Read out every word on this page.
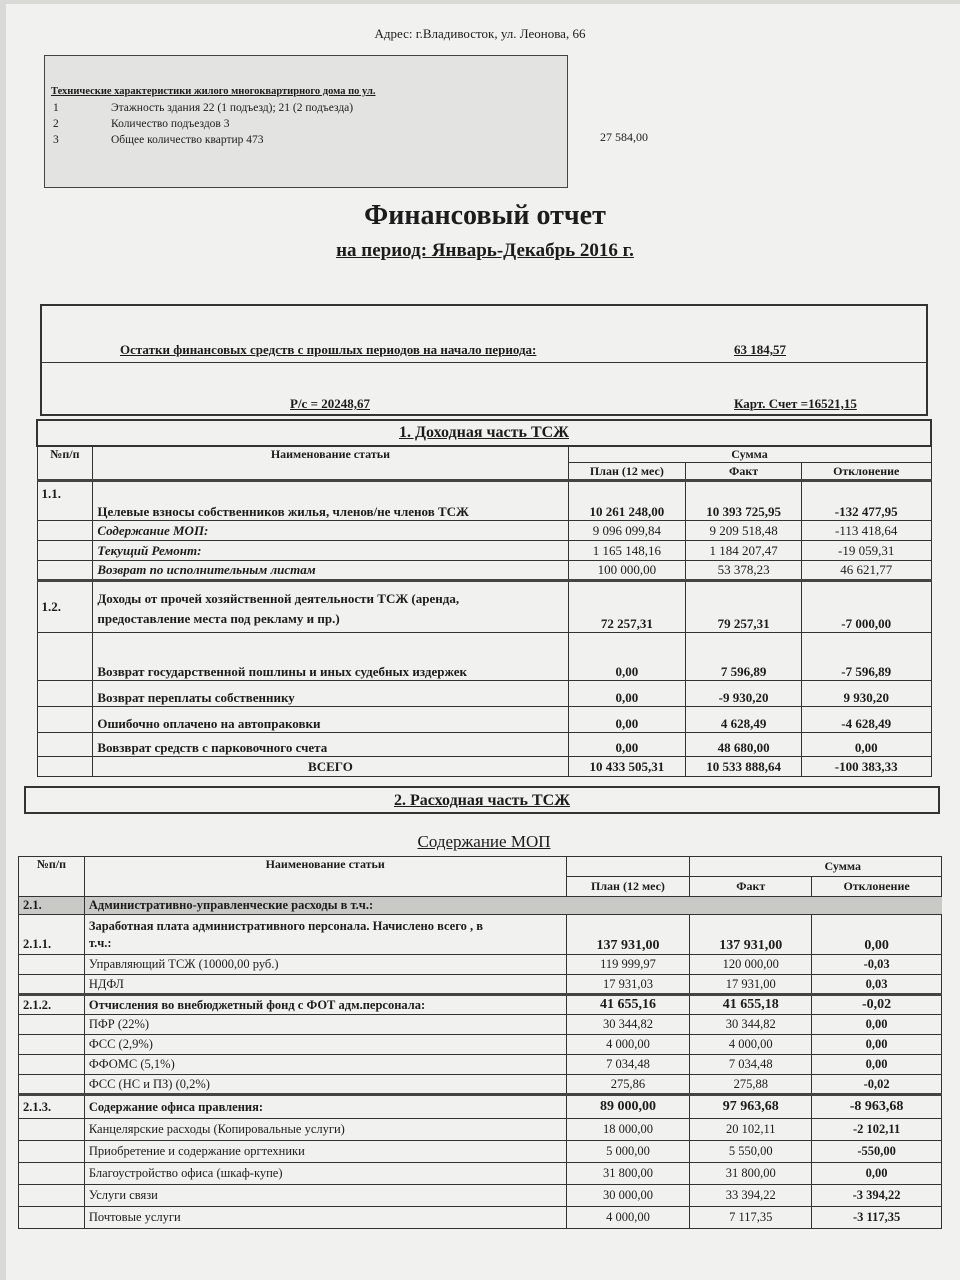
Адрес: г.Владивосток, ул. Леонова, 66
Технические характеристики жилого многоквартирного дома по ул.
1	Этажность здания 22 (1 подъезд); 21 (2 подъезда)
2	Количество подъездов 3
3	Общее количество квартир 473	27 584,00
Финансовый отчет
на период: Январь-Декабрь 2016 г.
Остатки финансовых средств с прошлых периодов на начало периода:	63 184,57
Р/с = 20248,67	Карт. Счет =16521,15
1. Доходная часть ТСЖ				
№п/п	Наименование статьи	Сумма		
		План (12 мес)	Факт	Отклонение
1.1.	Целевые взносы собственников жилья, членов/не членов ТСЖ	10 261 248,00	10 393 725,95	-132 477,95
	Содержание МОП:	9 096 099,84	9 209 518,48	-113 418,64
	Текущий Ремонт:	1 165 148,16	1 184 207,47	-19 059,31
	Возврат по исполнительным листам	100 000,00	53 378,23	46 621,77
1.2.	Доходы от прочей хозяйственной деятельности ТСЖ (аренда,
предоставление места под рекламу и пр.)	72 257,31	79 257,31	-7 000,00
	Возврат государственной пошлины и иных судебных издержек	0,00	7 596,89	-7 596,89
	Возврат переплаты собственнику	0,00	-9 930,20	9 930,20
	Ошибочно оплачено на автопраковки	0,00	4 628,49	-4 628,49
	Вовзврат средств с парковочного счета	0,00	48 680,00	0,00
	ВСЕГО	10 433 505,31	10 533 888,64	-100 383,33
2. Расходная часть ТСЖ
Содержание МОП
№п/п	Наименование статьи		Сумма	
		План (12 мес)	Факт	Отклонение
2.1.	Административно-управленческие расходы в т.ч.:			
2.1.1.	Заработная плата административного персонала. Начислено всего , в
т.ч.:	137 931,00	137 931,00	0,00
	Управляющий ТСЖ (10000,00 руб.)	119 999,97	120 000,00	-0,03
	НДФЛ	17 931,03	17 931,00	0,03
2.1.2.	Отчисления во внебюджетный фонд с ФОТ адм.персонала:	41 655,16	41 655,18	-0,02
	ПФР (22%)	30 344,82	30 344,82	0,00
	ФСС (2,9%)	4 000,00	4 000,00	0,00
	ФФОМС (5,1%)	7 034,48	7 034,48	0,00
	ФСС (НС и ПЗ) (0,2%)	275,86	275,88	-0,02
2.1.3.	Содержание офиса правления:	89 000,00	97 963,68	-8 963,68
	Канцелярские расходы (Копировальные услуги)	18 000,00	20 102,11	-2 102,11
	Приобретение и содержание оргтехники	5 000,00	5 550,00	-550,00
	Благоустройство офиса (шкаф-купе)	31 800,00	31 800,00	0,00
	Услуги связи	30 000,00	33 394,22	-3 394,22
	Почтовые услуги	4 000,00	7 117,35	-3 117,35
